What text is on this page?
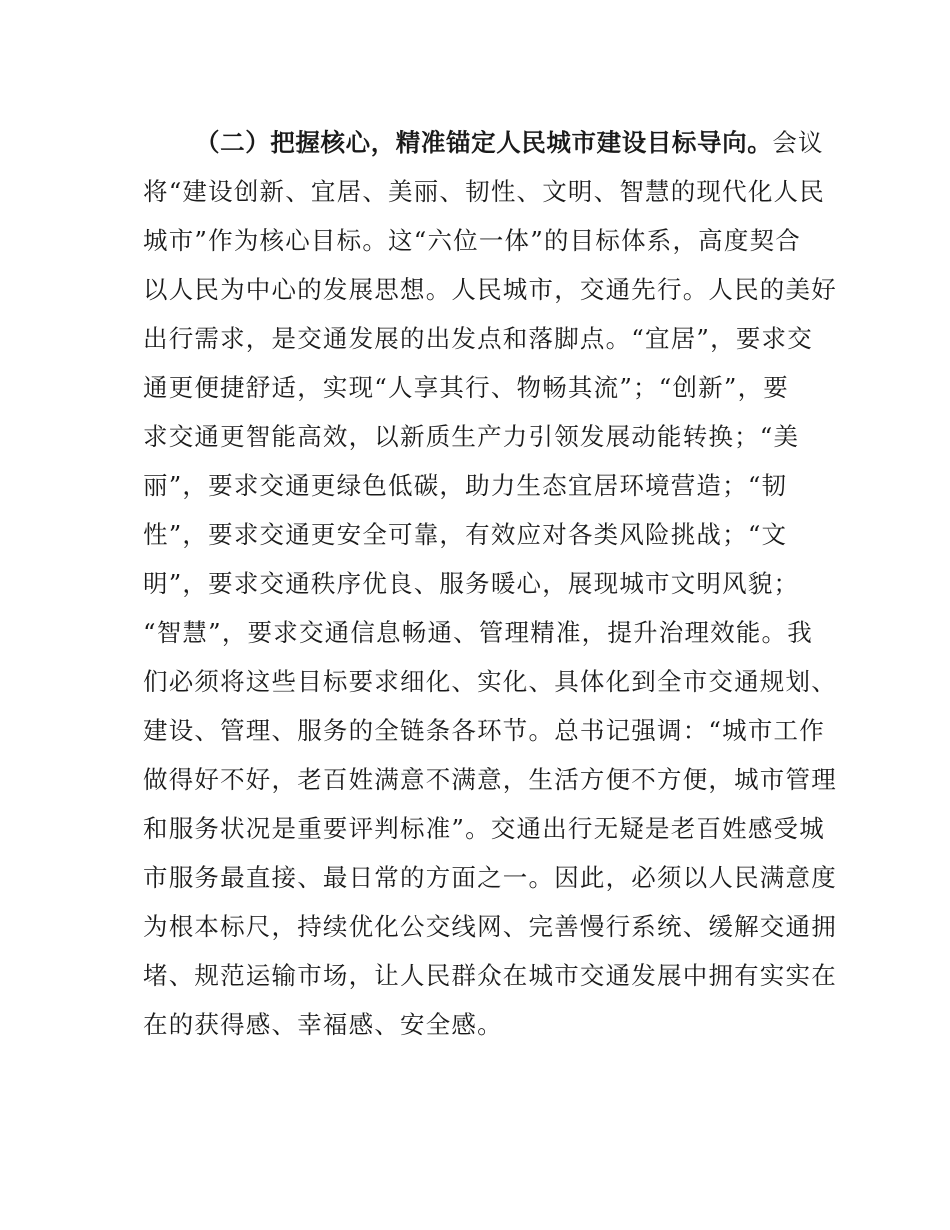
（二）把握核心，精准锚定人民城市建设目标导向。会议
将“建设创新、宜居、美丽、韧性、文明、智慧的现代化人民
城市”作为核心目标。这“六位一体”的目标体系，高度契合
以人民为中心的发展思想。人民城市，交通先行。人民的美好
出行需求，是交通发展的出发点和落脚点。“宜居”，要求交
通更便捷舒适，实现“人享其行、物畅其流”；“创新”，要
求交通更智能高效，以新质生产力引领发展动能转换；“美
丽”，要求交通更绿色低碳，助力生态宜居环境营造；“韧
性”，要求交通更安全可靠，有效应对各类风险挑战；“文
明”，要求交通秩序优良、服务暖心，展现城市文明风貌；
“智慧”，要求交通信息畅通、管理精准，提升治理效能。我
们必须将这些目标要求细化、实化、具体化到全市交通规划、
建设、管理、服务的全链条各环节。总书记强调：“城市工作
做得好不好，老百姓满意不满意，生活方便不方便，城市管理
和服务状况是重要评判标准”。交通出行无疑是老百姓感受城
市服务最直接、最日常的方面之一。因此，必须以人民满意度
为根本标尺，持续优化公交线网、完善慢行系统、缓解交通拥
堵、规范运输市场，让人民群众在城市交通发展中拥有实实在
在的获得感、幸福感、安全感。
